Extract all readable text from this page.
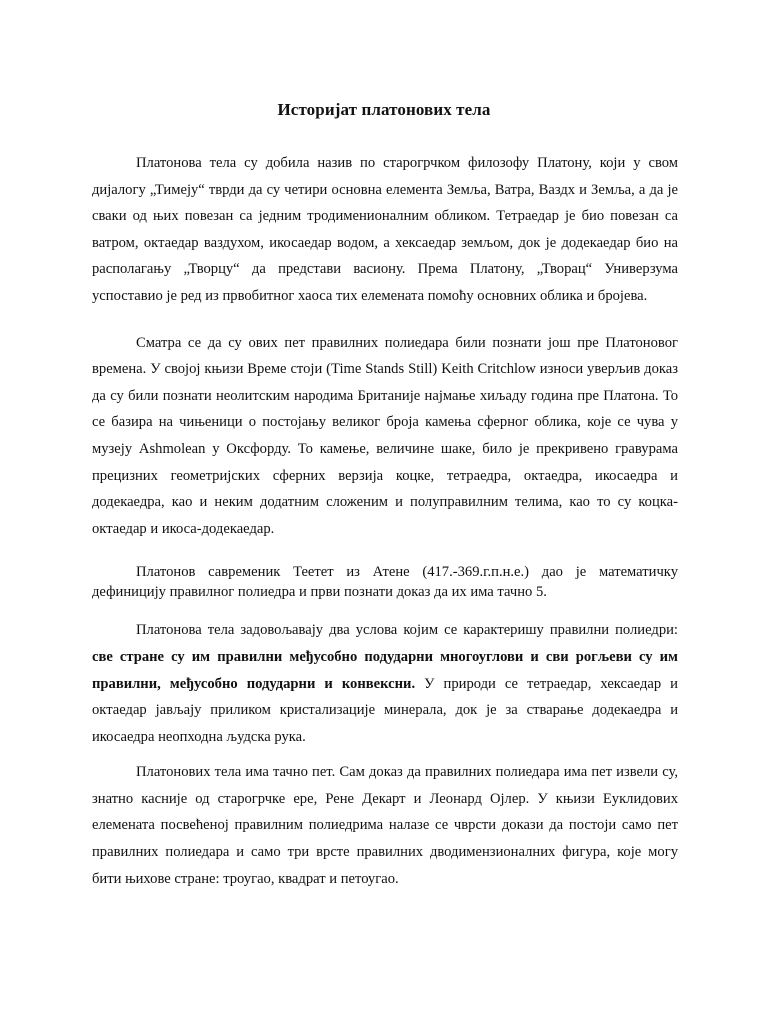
Историјат платонових тела

Платонова тела су добила назив по старогрчком филозофу Платону, који у свом дијалогу „Тимеју“ тврди да су четири основна елемента Земља, Ватра, Ваздх и Земља, а да је сваки од њих повезан са једним тродименионалним обликом. Тетраедар је био повезан са ватром, октаедар ваздухом, икосаедар водом, а хексаедар земљом, док је додекаедар био на располагању „Творцу“ да представи васиону. Према Платону, „Творац“ Универзума успоставио је ред из првобитног хаоса тих елемената помоћу основних облика и бројева.

Сматра се да су ових пет правилних полиедара били познати још пре Платоновог времена. У својој књизи Време стоји (Time Stands Still) Keith Critchlow износи уверљив доказ да су били познати неолитским народима Британије најмање хиљаду година пре Платона. То се базира на чињеници о постојању великог броја камења сферног облика, које се чува у музеју Ashmolean у Оксфорду. То камење, величине шаке, било је прекривено гравурама прецизних геометријских сферних верзија коцке, тетраедра, октаедра, икосаедра и додекаедра, као и неким додатним сложеним и полуправилним телима, као то су коцка-октаедар и икоса-додекаедар.

Платонов савременик Теетет из Атене (417.-369.г.п.н.е.) дао је математичку дефиницију правилног полиедра и први познати доказ да их има тачно 5.

Платонова тела задовољавају два услова којим се карактеришу правилни полиедри: све стране су им правилни међусобно подударни многоуглови и сви рогљеви су им правилни, међусобно подударни и конвексни. У природи се тетраедар, хексаедар и октаедар јављају приликом кристализације минерала, док је за стварање додекаедра и икосаедра неопходна људска рука.

Платонових тела има тачно пет. Сам доказ да правилних полиедара има пет извели су, знатно касније од старогрчке ере, Рене Декарт и Леонард Ојлер. У књизи Еуклидових елемената посвећеној правилним полиедрима налазе се чврсти докази да постоји само пет правилних полиедара и само три врсте правилних дводимензионалних фигура, које могу бити њихове стране: троугао, квадрат и петоугао.
